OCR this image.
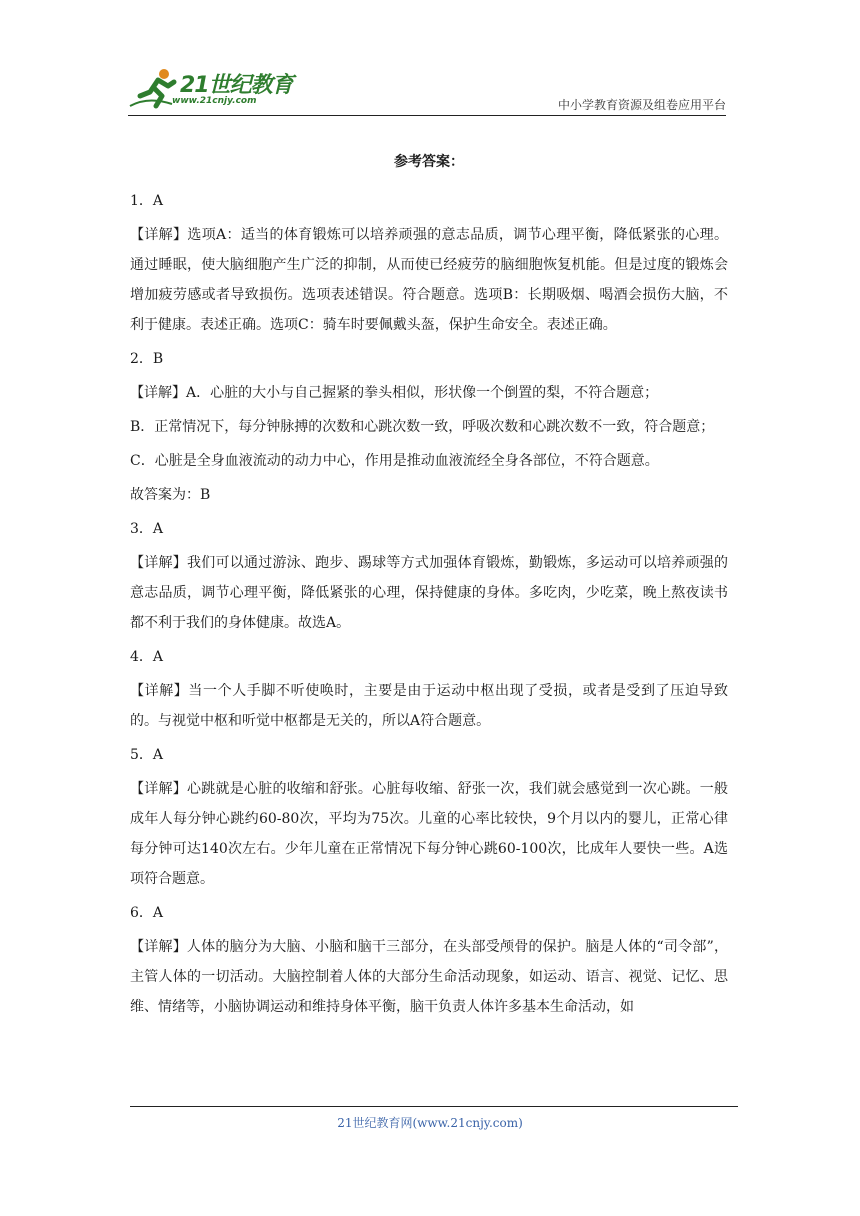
21世纪教育
www.21cnjy.com	中小学教育资源及组卷应用平台
参考答案：
1．A
【详解】选项A：适当的体育锻炼可以培养顽强的意志品质，调节心理平衡，降低紧张的心理。通过睡眠，使大脑细胞产生广泛的抑制，从而使已经疲劳的脑细胞恢复机能。但是过度的锻炼会增加疲劳感或者导致损伤。选项表述错误。符合题意。选项B：长期吸烟、喝酒会损伤大脑，不利于健康。表述正确。选项C：骑车时要佩戴头盔，保护生命安全。表述正确。
2．B
【详解】A．心脏的大小与自己握紧的拳头相似，形状像一个倒置的梨，不符合题意；
B．正常情况下，每分钟脉搏的次数和心跳次数一致，呼吸次数和心跳次数不一致，符合题意；
C．心脏是全身血液流动的动力中心，作用是推动血液流经全身各部位，不符合题意。
故答案为：B
3．A
【详解】我们可以通过游泳、跑步、踢球等方式加强体育锻炼，勤锻炼，多运动可以培养顽强的意志品质，调节心理平衡，降低紧张的心理，保持健康的身体。多吃肉，少吃菜，晚上熬夜读书都不利于我们的身体健康。故选A。
4．A
【详解】当一个人手脚不听使唤时，主要是由于运动中枢出现了受损，或者是受到了压迫导致的。与视觉中枢和听觉中枢都是无关的，所以A符合题意。
5．A
【详解】心跳就是心脏的收缩和舒张。心脏每收缩、舒张一次，我们就会感觉到一次心跳。一般成年人每分钟心跳约60-80次，平均为75次。儿童的心率比较快，9个月以内的婴儿，正常心律每分钟可达140次左右。少年儿童在正常情况下每分钟心跳60-100次，比成年人要快一些。A选项符合题意。
6．A
【详解】人体的脑分为大脑、小脑和脑干三部分，在头部受颅骨的保护。脑是人体的“司令部”，主管人体的一切活动。大脑控制着人体的大部分生命活动现象，如运动、语言、视觉、记忆、思维、情绪等，小脑协调运动和维持身体平衡，脑干负责人体许多基本生命活动，如
21世纪教育网(www.21cnjy.com)
